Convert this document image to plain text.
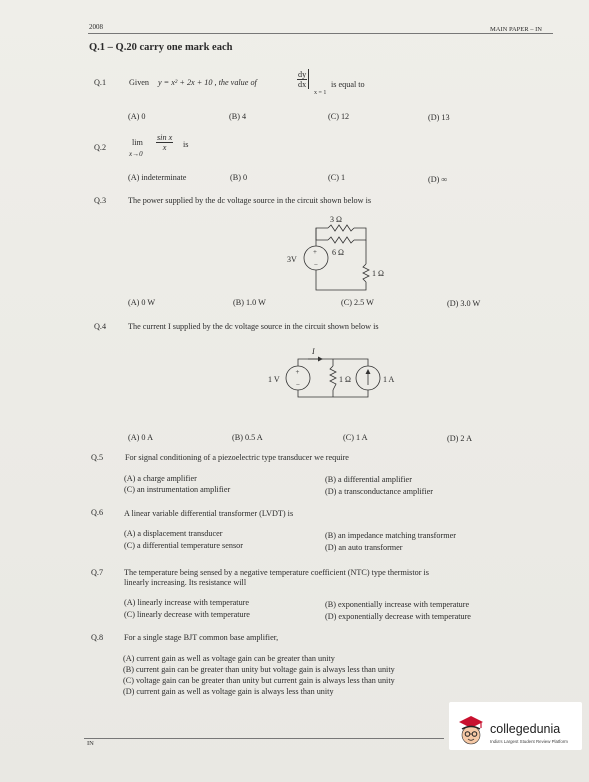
2008	MAIN PAPER – IN
Q.1 – Q.20 carry one mark each
Q.1	Given y = x² + 2x + 10 , the value of	$\frac{dy}{dx}$
x = 1
is equal to
(A) 0	(B) 4	(C) 12	(D) 13
Q.2
lim
x→0
$\frac{\text{sin x}}{x}$ is
(A) indeterminate	(B) 0	(C) 1	(D) ∞
Q.3	The power supplied by the dc voltage source in the circuit shown below is
+
−
3 Ω
6 Ω
1 Ω
3V
(A) 0 W	(B) 1.0 W	(C) 2.5 W	(D) 3.0 W
Q.4	The current I supplied by the dc voltage source in the circuit shown below is
+
−
I
1 V	1 Ω	1 A
(A) 0 A	(B) 0.5 A	(C) 1 A	(D) 2 A
Q.5	For signal conditioning of a piezoelectric type transducer we require
(A) a charge amplifier	(B) a differential amplifier
(C) an instrumentation amplifier	(D) a transconductance amplifier
Q.6	A linear variable differential transformer (LVDT) is
(A) a displacement transducer	(B) an impedance matching transformer
(C) a differential temperature sensor	(D) an auto transformer
Q.7	The temperature being sensed by a negative temperature coefficient (NTC) type thermistor is
linearly increasing. Its resistance will
(A) linearly increase with temperature	(B) exponentially increase with temperature
(C) linearly decrease with temperature	(D) exponentially decrease with temperature
Q.8	For a single stage BJT common base amplifier,
(A) current gain as well as voltage gain can be greater than unity
(B) current gain can be greater than unity but voltage gain is always less than unity
(C) voltage gain can be greater than unity but current gain is always less than unity
(D) current gain as well as voltage gain is always less than unity
IN
collegedunia
India's Largest Student Review Platform
